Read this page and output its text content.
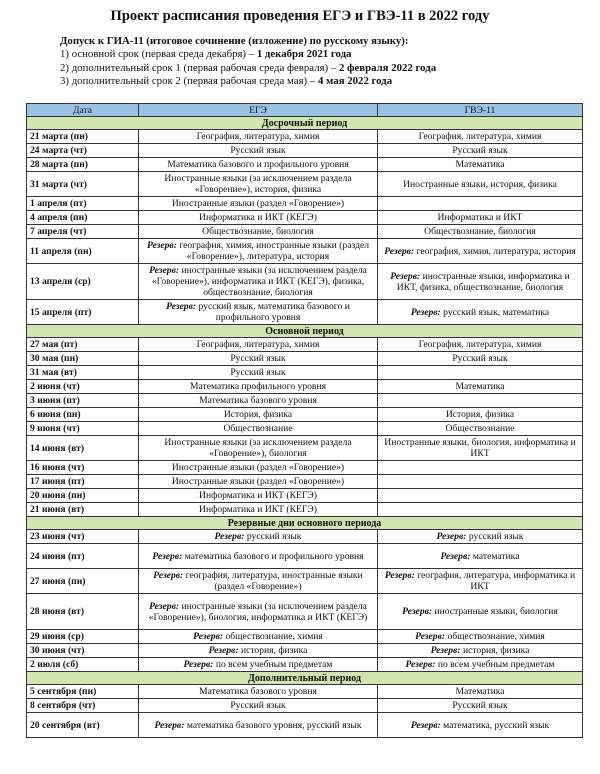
Проект расписания проведения ЕГЭ и ГВЭ-11 в 2022 году
Допуск к ГИА-11 (итоговое сочинение (изложение) по русскому языку):
1) основной срок (первая среда декабря) – 1 декабря 2021 года
2) дополнительный срок 1 (первая рабочая среда февраля) – 2 февраля 2022 года
3) дополнительный срок 2 (первая рабочая среда мая) – 4 мая 2022 года
Дата	ЕГЭ	ГВЭ-11
Досрочный период		
21 марта (пн)	География, литература, химия	География, литература, химия
24 марта (чт)	Русский язык	Русский язык
28 марта (пн)	Математика базового и профильного уровня	Математика
31 марта (чт)	Иностранные языки (за исключением раздела «Говорение»), история, физика	Иностранные языки, история, физика
1 апреля (пт)	Иностранные языки (раздел «Говорение»)	
4 апреля (пн)	Информатика и ИКТ (КЕГЭ)	Информатика и ИКТ
7 апреля (чт)	Обществознание, биология	Обществознание, биология
11 апреля (пн)	Резерв: география, химия, иностранные языки (раздел «Говорение»), литература, история	Резерв: география, химия, литература, история
13 апреля (ср)	Резерв: иностранные языки (за исключением раздела «Говорение»), информатика и ИКТ (КЕГЭ), физика, обществознание, биология	Резерв: иностранные языки, информатика и ИКТ, физика, обществознание, биология
15 апреля (пт)	Резерв: русский язык, математика базового и профильного уровня	Резерв: русский язык, математика
Основной период		
27 мая (пт)	География, литература, химия	География, литература, химия
30 мая (пн)	Русский язык	Русский язык
31 мая (вт)	Русский язык	
2 июня (чт)	Математика профильного уровня	Математика
3 июня (пт)	Математика базового уровня	
6 июня (пн)	История, физика	История, физика
9 июня (чт)	Обществознание	Обществознание
14 июня (вт)	Иностранные языки (за исключением раздела «Говорение»), биология	Иностранные языки, биология, информатика и ИКТ
16 июня (чт)	Иностранные языки (раздел «Говорение»)	
17 июня (пт)	Иностранные языки (раздел «Говорение»)	
20 июня (пн)	Информатика и ИКТ (КЕГЭ)	
21 июня (вт)	Информатика и ИКТ (КЕГЭ)	
Резервные дни основного периода		
23 июня (чт)	Резерв: русский язык	Резерв: русский язык
24 июня (пт)	Резерв: математика базового и профильного уровня	Резерв: математика
27 июня (пн)	Резерв: география, литература, иностранные языки (раздел «Говорение»)	Резерв: география, литература, информатика и ИКТ
28 июня (вт)	Резерв: иностранные языки (за исключением раздела «Говорение»), биология, информатика и ИКТ (КЕГЭ)	Резерв: иностранные языки, биология
29 июня (ср)	Резерв: обществознание, химия	Резерв: обществознание, химия
30 июня (чт)	Резерв: история, физика	Резерв: история, физика
2 июля (сб)	Резерв: по всем учебным предметам	Резерв: по всем учебным предметам
Дополнительный период		
5 сентября (пн)	Математика базового уровня	Математика
8 сентября (чт)	Русский язык	Русский язык
20 сентября (вт)	Резерв: математика базового уровня, русский язык	Резерв: математика, русский язык
